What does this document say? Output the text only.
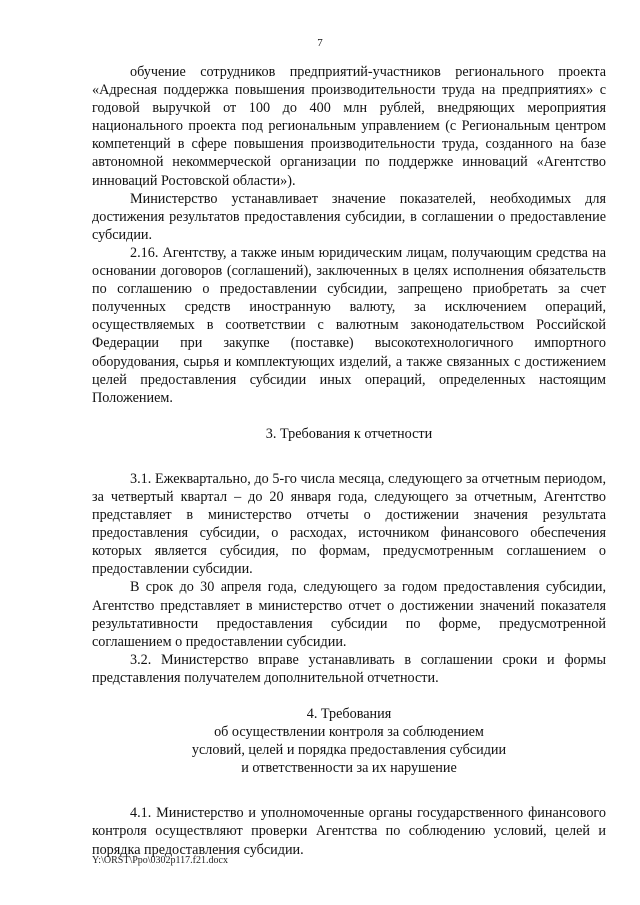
7

обучение сотрудников предприятий-участников регионального проекта «Адресная поддержка повышения производительности труда на предприятиях» с годовой выручкой от 100 до 400 млн рублей, внедряющих мероприятия национального проекта под региональным управлением (с Региональным центром компетенций в сфере повышения производительности труда, созданного на базе автономной некоммерческой организации по поддержке инноваций «Агентство инноваций Ростовской области»).

Министерство устанавливает значение показателей, необходимых для достижения результатов предоставления субсидии, в соглашении о предоставление субсидии.

2.16. Агентству, а также иным юридическим лицам, получающим средства на основании договоров (соглашений), заключенных в целях исполнения обязательств по соглашению о предоставлении субсидии, запрещено приобретать за счет полученных средств иностранную валюту, за исключением операций, осуществляемых в соответствии с валютным законодательством Российской Федерации при закупке (поставке) высокотехнологичного импортного оборудования, сырья и комплектующих изделий, а также связанных с достижением целей предоставления субсидии иных операций, определенных настоящим Положением.

3. Требования к отчетности

3.1. Ежеквартально, до 5-го числа месяца, следующего за отчетным периодом, за четвертый квартал – до 20 января года, следующего за отчетным, Агентство представляет в министерство отчеты о достижении значения результата предоставления субсидии, о расходах, источником финансового обеспечения которых является субсидия, по формам, предусмотренным соглашением о предоставлении субсидии.

В срок до 30 апреля года, следующего за годом предоставления субсидии, Агентство представляет в министерство отчет о достижении значений показателя результативности предоставления субсидии по форме, предусмотренной соглашением о предоставлении субсидии.

3.2. Министерство вправе устанавливать в соглашении сроки и формы представления получателем дополнительной отчетности.

4. Требования
об осуществлении контроля за соблюдением
условий, целей и порядка предоставления субсидии
и ответственности за их нарушение

4.1. Министерство и уполномоченные органы государственного финансового контроля осуществляют проверки Агентства по соблюдению условий, целей и порядка предоставления субсидии.

Y:\ORST\Ppo\0302p117.f21.docx
